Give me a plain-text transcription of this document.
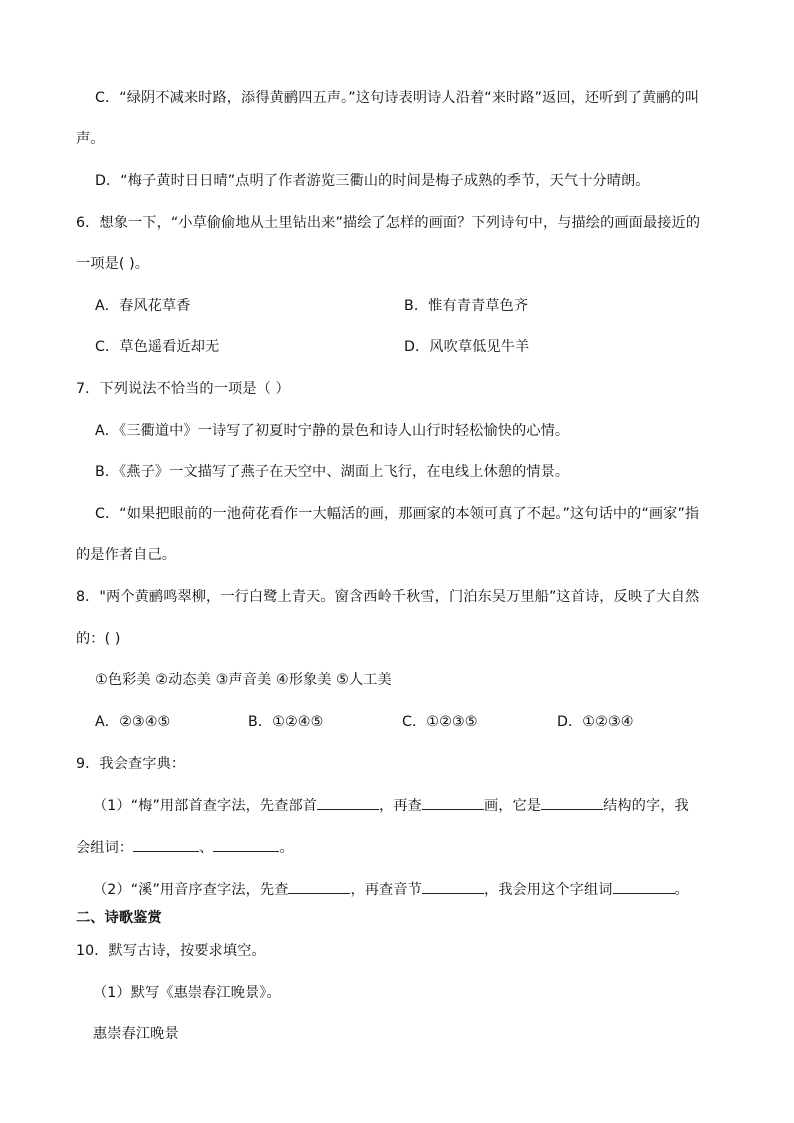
C．“绿阴不减来时路，添得黄鹂四五声。”这句诗表明诗人沿着“来时路”返回，还听到了黄鹂的叫
声。
D．“梅子黄时日日晴”点明了作者游览三衢山的时间是梅子成熟的季节，天气十分晴朗。
6．想象一下，“小草偷偷地从土里钻出来”描绘了怎样的画面？下列诗句中，与描绘的画面最接近的
一项是( )。
A．春风花草香	B．惟有青青草色齐
C．草色遥看近却无	D．风吹草低见牛羊
7．下列说法不恰当的一项是（ ）
A．《三衢道中》一诗写了初夏时宁静的景色和诗人山行时轻松愉快的心情。
B．《燕子》一文描写了燕子在天空中、湖面上飞行，在电线上休憩的情景。
C．“如果把眼前的一池荷花看作一大幅活的画，那画家的本领可真了不起。”这句话中的“画家”指
的是作者自己。
8．"两个黄鹂鸣翠柳，一行白鹭上青天。窗含西岭千秋雪，门泊东吴万里船”这首诗，反映了大自然
的：( )
①色彩美 ②动态美 ③声音美 ④形象美 ⑤人工美
A．②③④⑤	B．①②④⑤	C．①②③⑤	D．①②③④
9．我会查字典：
（1）“梅”用部首查字法，先查部首	，再查	画，它是	结构的字，我
会组词：	、	。
（2）“溪”用音序查字法，先查	，再查音节	，我会用这个字组词	。
二、诗歌鉴赏
10．默写古诗，按要求填空。
（1）默写《惠崇春江晚景》。
惠崇春江晚景
